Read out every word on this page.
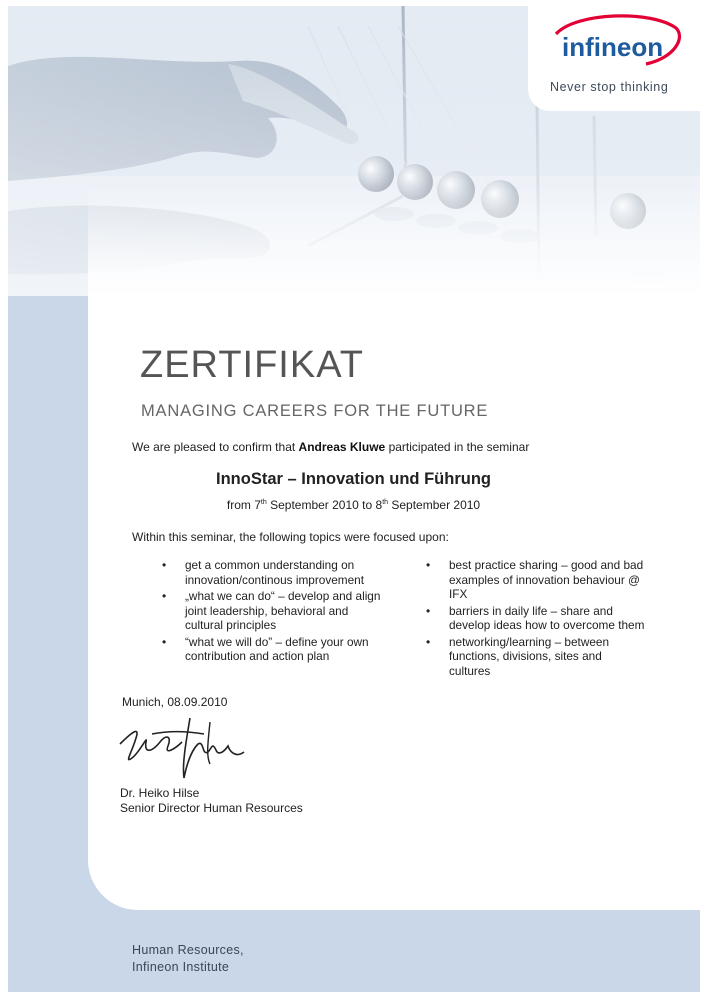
infineon
Never stop thinking
ZERTIFIKAT
MANAGING CAREERS FOR THE FUTURE
We are pleased to confirm that Andreas Kluwe participated in the seminar
InnoStar – Innovation und Führung
from 7th September 2010 to 8th September 2010
Within this seminar, the following topics were focused upon:
• get a common understanding on innovation/continous improvement
• „what we can do“ – develop and align joint leadership, behavioral and cultural principles
• “what we will do” – define your own contribution and action plan
• best practice sharing – good and bad examples of innovation behaviour @ IFX
• barriers in daily life – share and develop ideas how to overcome them
• networking/learning – between functions, divisions, sites and cultures
Munich, 08.09.2010
Dr. Heiko Hilse
Senior Director Human Resources
Human Resources,
Infineon Institute
